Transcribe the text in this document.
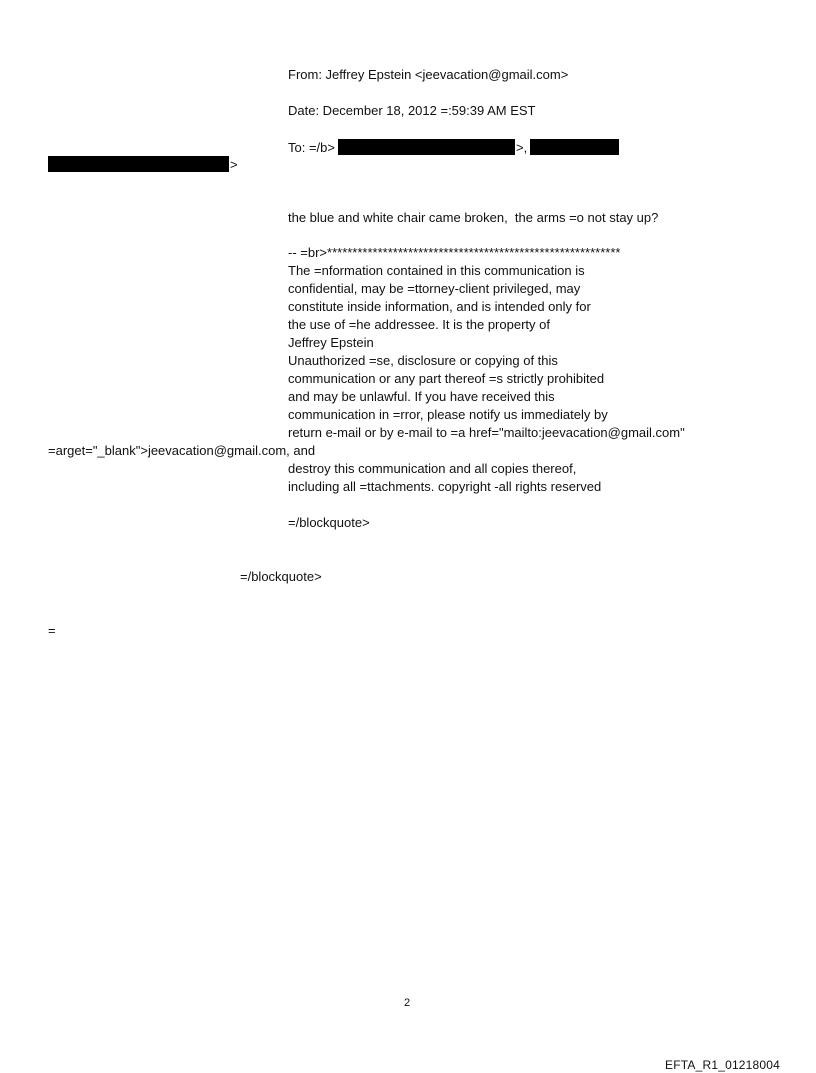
From: Jeffrey Epstein <jeevacation@gmail.com>
Date: December 18, 2012 =:59:39 AM EST
To: =/b>	>,
>
the blue and white chair came broken,  the arms =o not stay up?
-- =br>**********************************************************
The =nformation contained in this communication is
confidential, may be =ttorney-client privileged, may
constitute inside information, and is intended only for
the use of =he addressee. It is the property of
Jeffrey Epstein
Unauthorized =se, disclosure or copying of this
communication or any part thereof =s strictly prohibited
and may be unlawful. If you have received this
communication in =rror, please notify us immediately by
return e-mail or by e-mail to =a href="mailto:jeevacation@gmail.com"
=arget="_blank">jeevacation@gmail.com, and
destroy this communication and all copies thereof,
including all =ttachments. copyright -all rights reserved
=/blockquote>
=/blockquote>
=
2
EFTA_R1_01218004
